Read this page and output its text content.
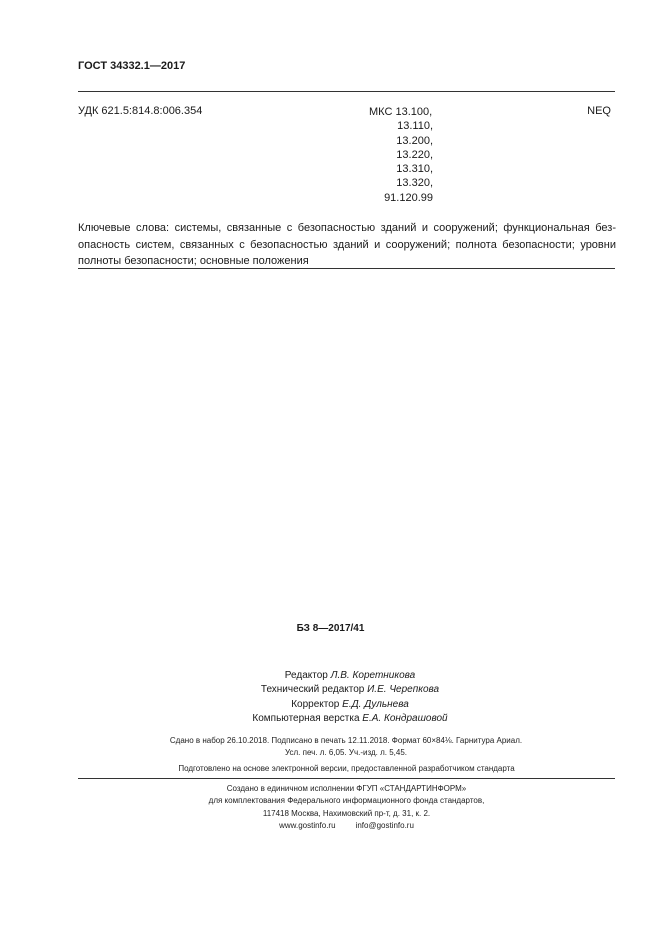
ГОСТ 34332.1—2017
УДК 621.5:814.8:006.354	МКС 13.100,
13.110,
13.200,
13.220,
13.310,
13.320,
91.120.99
NEQ
Ключевые слова: системы, связанные с безопасностью зданий и сооружений; функциональная без-
опасность систем, связанных с безопасностью зданий и сооружений; полнота безопасности; уровни
полноты безопасности; основные положения
БЗ 8—2017/41
Редактор Л.В. Коретникова
Технический редактор И.Е. Черепкова
Корректор Е.Д. Дульнева
Компьютерная верстка Е.А. Кондрашовой
Сдано в набор 26.10.2018. Подписано в печать 12.11.2018. Формат 60×84⅛. Гарнитура Ариал.
Усл. печ. л. 6,05. Уч.-изд. л. 5,45.
Подготовлено на основе электронной версии, предоставленной разработчиком стандарта
Создано в единичном исполнении ФГУП «СТАНДАРТИНФОРМ»
для комплектования Федерального информационного фонда стандартов,
117418 Москва, Нахимовский пр-т, д. 31, к. 2.
www.gostinfo.ru	info@gostinfo.ru
